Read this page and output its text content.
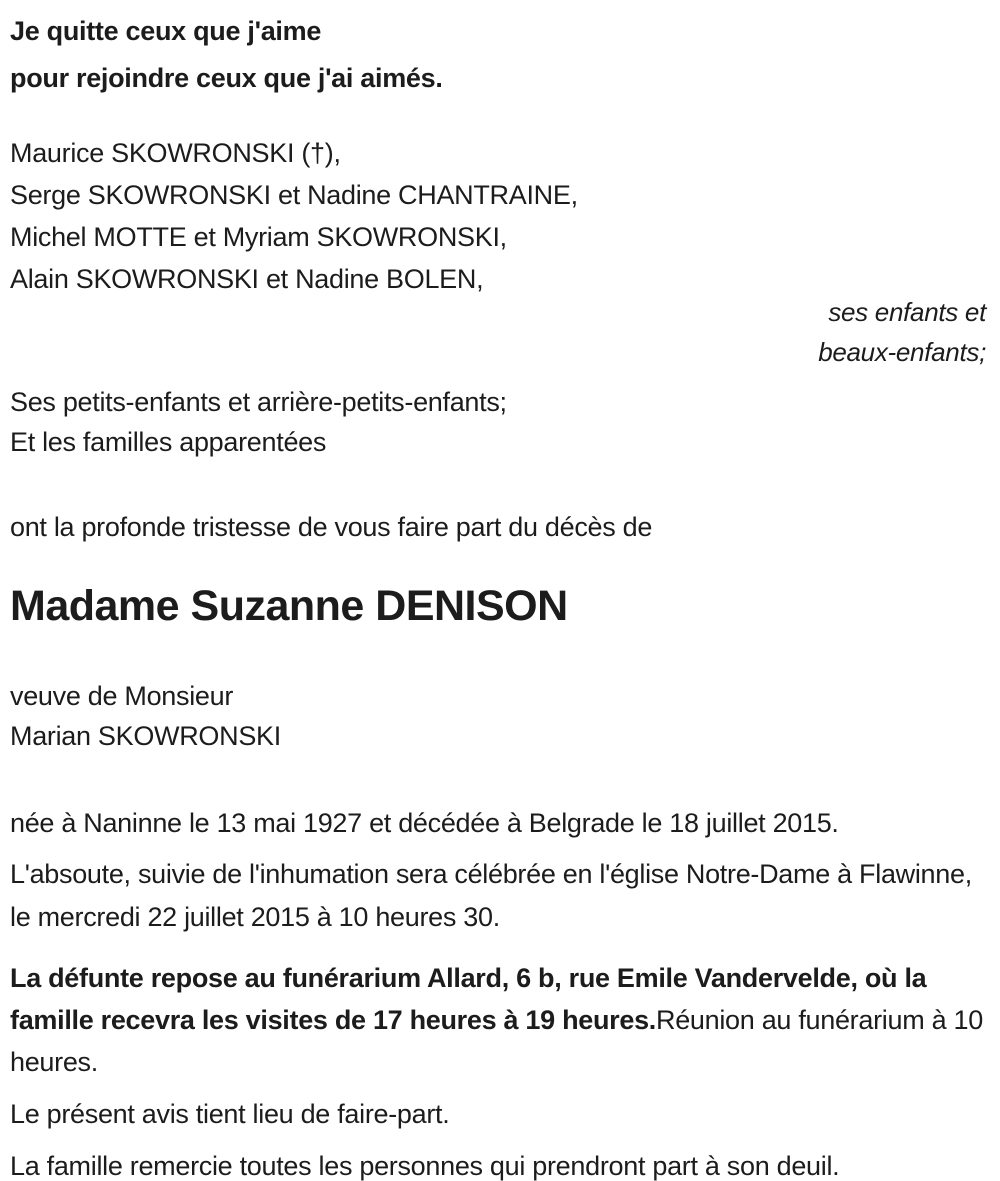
Je quitte ceux que j'aime

pour rejoindre ceux que j'ai aimés.

Maurice SKOWRONSKI (†),

Serge SKOWRONSKI et Nadine CHANTRAINE,

Michel MOTTE et Myriam SKOWRONSKI,

Alain SKOWRONSKI et Nadine BOLEN,

ses enfants et

beaux-enfants;

Ses petits-enfants et arrière-petits-enfants;

Et les familles apparentées

ont la profonde tristesse de vous faire part du décès de

Madame Suzanne DENISON

veuve de Monsieur

Marian SKOWRONSKI

née à Naninne le 13 mai 1927 et décédée à Belgrade le 18 juillet 2015.

L'absoute, suivie de l'inhumation sera célébrée en l'église Notre-Dame à Flawinne, le mercredi 22 juillet 2015 à 10 heures 30.

La défunte repose au funérarium Allard, 6 b, rue Emile Vandervelde, où la famille recevra les visites de 17 heures à 19 heures.Réunion au funérarium à 10 heures.

Le présent avis tient lieu de faire-part.

La famille remercie toutes les personnes qui prendront part à son deuil.
